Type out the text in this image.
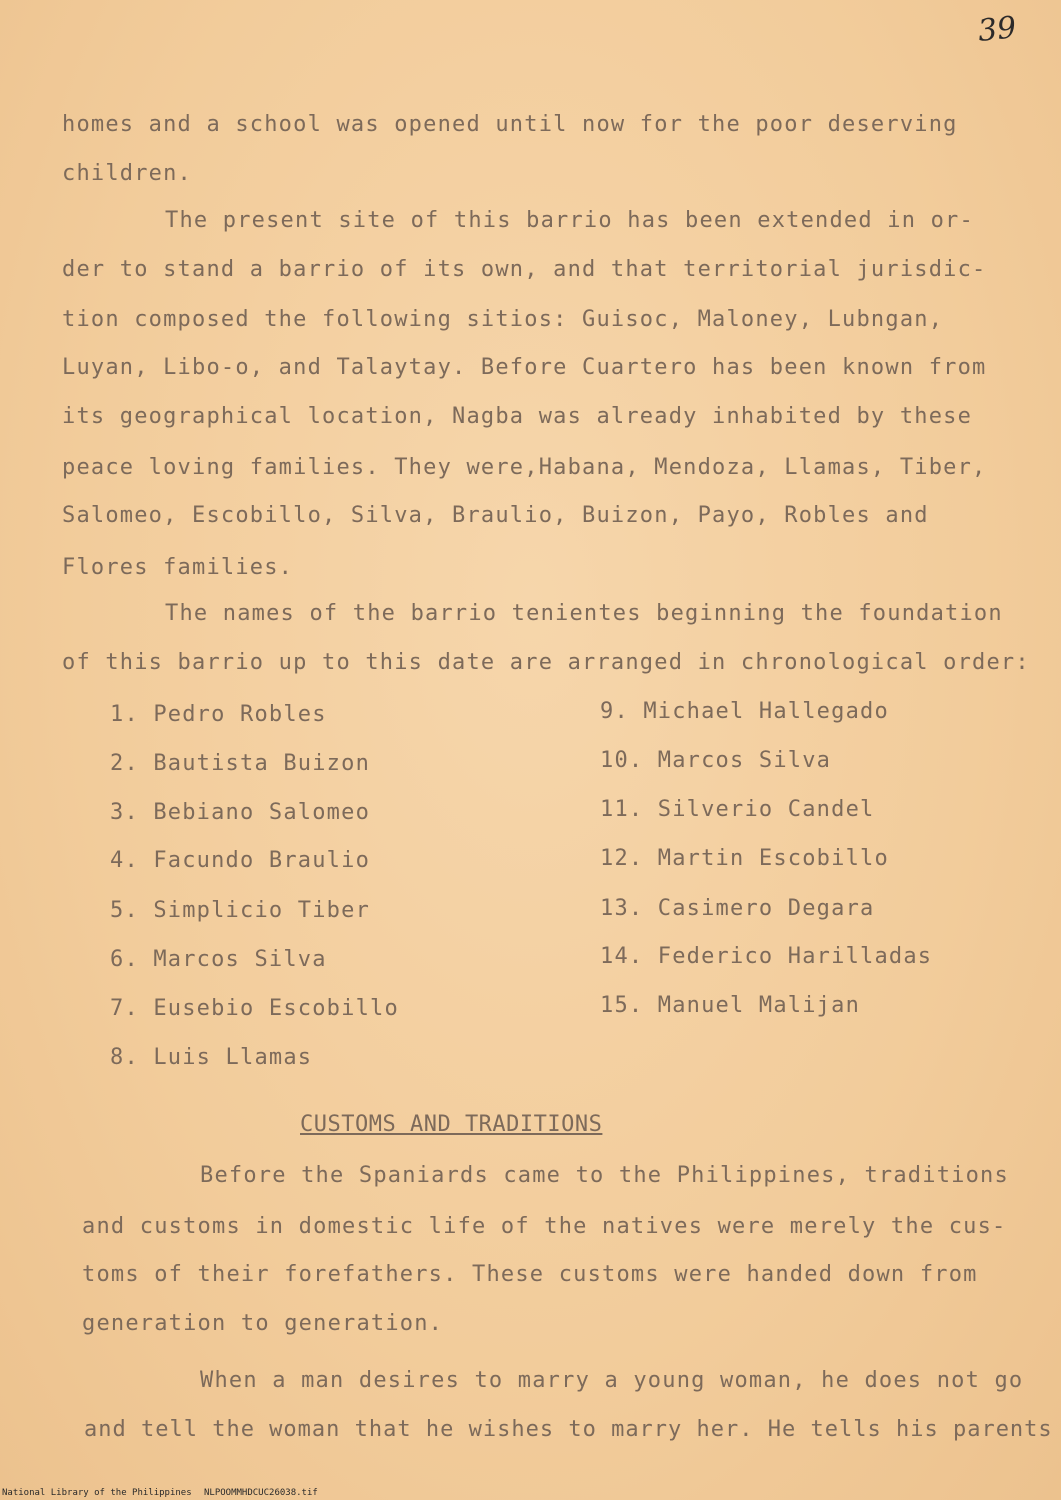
39
homes and a school was opened until now for the poor deserving
children.
The present site of this barrio has been extended in or-
der to stand a barrio of its own, and that territorial jurisdic-
tion composed the following sitios: Guisoc, Maloney, Lubngan,
Luyan, Libo-o, and Talaytay. Before Cuartero has been known from
its geographical location, Nagba was already inhabited by these
peace loving families. They were,Habana, Mendoza, Llamas, Tiber,
Salomeo, Escobillo, Silva, Braulio, Buizon, Payo, Robles and
Flores families.
The names of the barrio tenientes beginning the foundation
of this barrio up to this date are arranged in chronological order:
1. Pedro Robles
2. Bautista Buizon
3. Bebiano Salomeo
4. Facundo Braulio
5. Simplicio Tiber
6. Marcos Silva
7. Eusebio Escobillo
8. Luis Llamas
9. Michael Hallegado
10. Marcos Silva
11. Silverio Candel
12. Martin Escobillo
13. Casimero Degara
14. Federico Harilladas
15. Manuel Malijan
CUSTOMS AND TRADITIONS
Before the Spaniards came to the Philippines, traditions
and customs in domestic life of the natives were merely the cus-
toms of their forefathers. These customs were handed down from
generation to generation.
When a man desires to marry a young woman, he does not go
and tell the woman that he wishes to marry her. He tells his parents
National Library of the Philippines NLPOOMMHDCUC26038.tif
